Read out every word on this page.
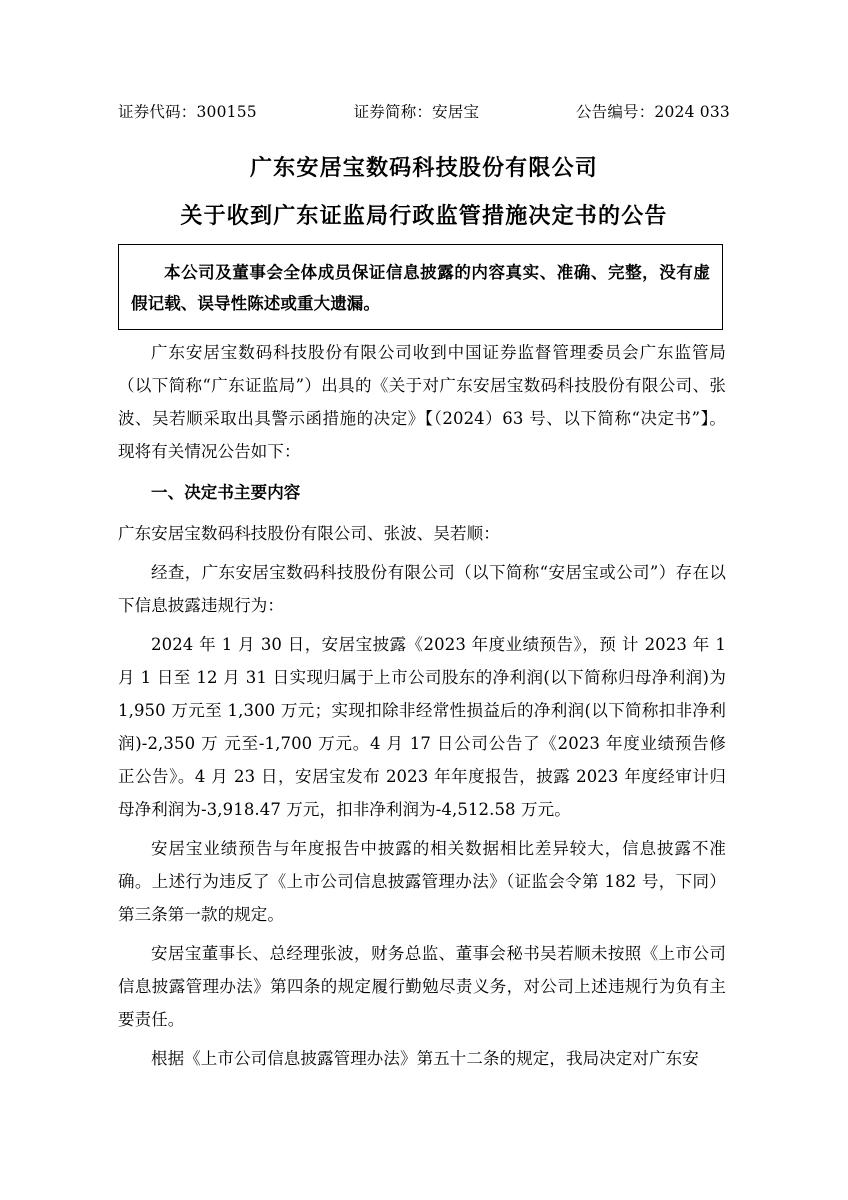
证券代码：300155	证券简称：安居宝	公告编号：2024 033
广东安居宝数码科技股份有限公司
关于收到广东证监局行政监管措施决定书的公告

本公司及董事会全体成员保证信息披露的内容真实、准确、完整，没有虚假记载、误导性陈述或重大遗漏。

广东安居宝数码科技股份有限公司收到中国证券监督管理委员会广东监管局（以下简称“广东证监局”）出具的《关于对广东安居宝数码科技股份有限公司、张波、吴若顺采取出具警示函措施的决定》【（2024）63 号、以下简称“决定书”】。现将有关情况公告如下：

一、决定书主要内容

广东安居宝数码科技股份有限公司、张波、吴若顺：

经查，广东安居宝数码科技股份有限公司（以下简称“安居宝或公司”）存在以下信息披露违规行为：

2024 年 1 月 30 日，安居宝披露《2023 年度业绩预告》，预 计 2023 年 1 月 1 日至 12 月 31 日实现归属于上市公司股东的净利润(以下简称归母净利润)为 1,950 万元至 1,300 万元；实现扣除非经常性损益后的净利润(以下简称扣非净利润)-2,350 万 元至-1,700 万元。4 月 17 日公司公告了《2023 年度业绩预告修 正公告》。4 月 23 日，安居宝发布 2023 年年度报告，披露 2023 年度经审计归母净利润为-3,918.47 万元，扣非净利润为-4,512.58 万元。

安居宝业绩预告与年度报告中披露的相关数据相比差异较大，信息披露不准确。上述行为违反了《上市公司信息披露管理办法》（证监会令第 182 号，下同）第三条第一款的规定。

安居宝董事长、总经理张波，财务总监、董事会秘书吴若顺未按照《上市公司信息披露管理办法》第四条的规定履行勤勉尽责义务，对公司上述违规行为负有主要责任。

根据《上市公司信息披露管理办法》第五十二条的规定，我局决定对广东安
